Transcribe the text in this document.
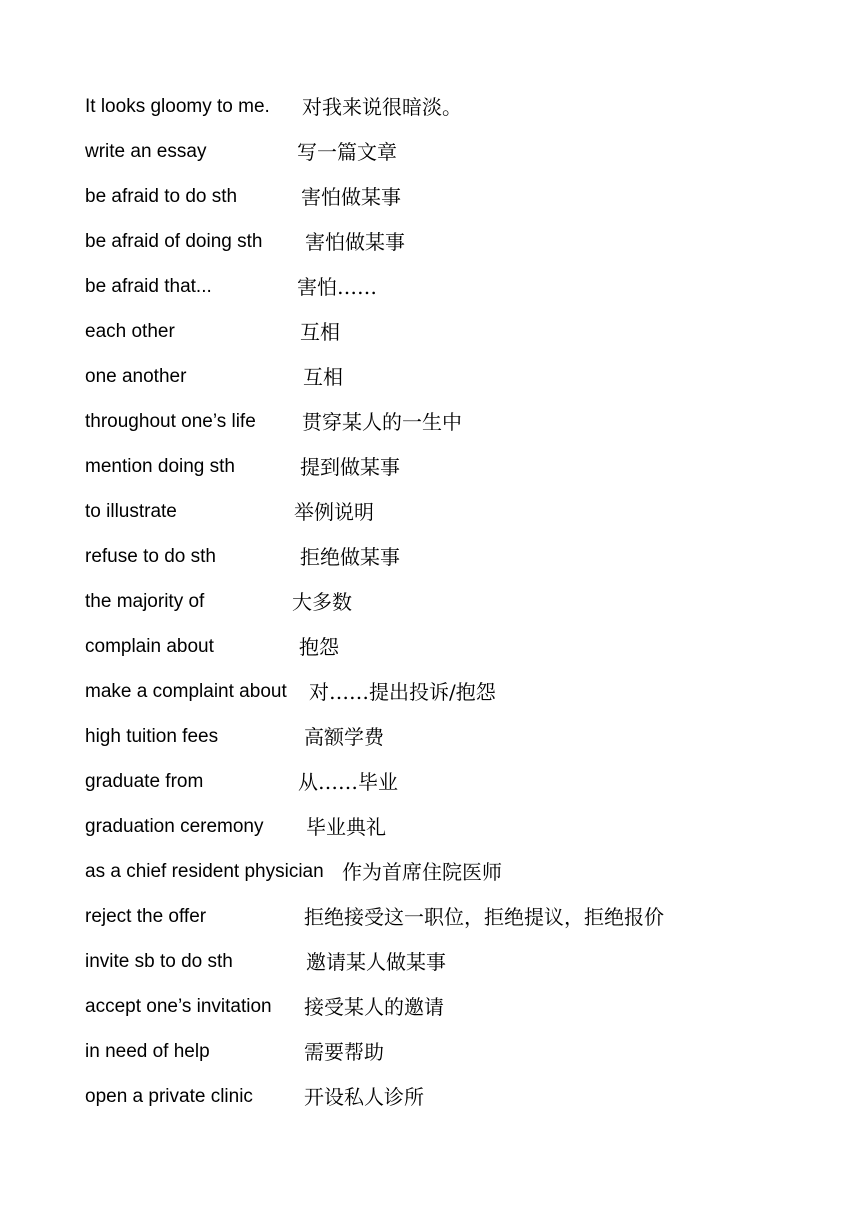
It looks gloomy to me. 对我来说很暗淡。
write an essay	写一篇文章
be afraid to do sth	害怕做某事
be afraid of doing sth 害怕做某事
be afraid that...	害怕……
each other	互相
one another	互相
throughout one’s life 贯穿某人的一生中
mention doing sth	提到做某事
to illustrate	举例说明
refuse to do sth	拒绝做某事
the majority of	大多数
complain about	抱怨
make a complaint about 对……提出投诉/抱怨
high tuition fees	高额学费
graduate from	从……毕业
graduation ceremony 毕业典礼
as a chief resident physician 作为首席住院医师
reject the offer	拒绝接受这一职位，拒绝提议，拒绝报价
invite sb to do sth	邀请某人做某事
accept one’s invitation 接受某人的邀请
in need of help	需要帮助
open a private clinic	开设私人诊所
